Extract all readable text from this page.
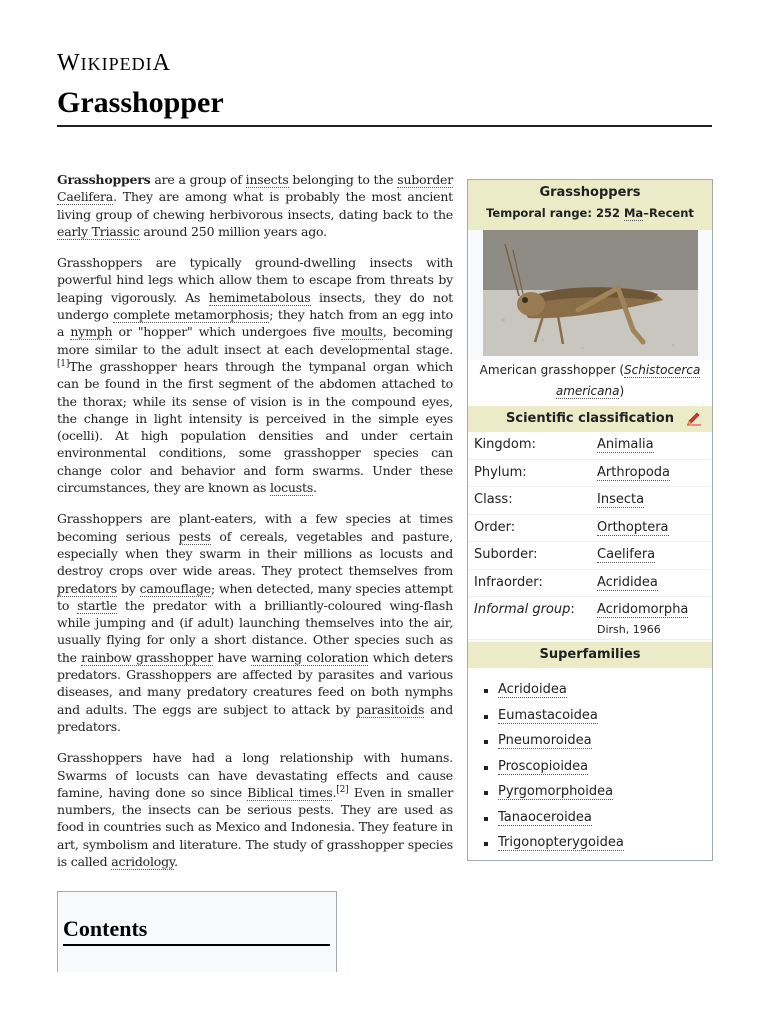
WIKIPEDIA
Grasshopper

Grasshoppers are a group of insects belonging to the suborder Caelifera. They are among what is probably the most ancient living group of chewing herbivorous insects, dating back to the early Triassic around 250 million years ago.

Grasshoppers are typically ground-dwelling insects with powerful hind legs which allow them to escape from threats by leaping vigorously. As hemimetabolous insects, they do not undergo complete metamorphosis; they hatch from an egg into a nymph or "hopper" which undergoes five moults, becoming more similar to the adult insect at each developmental stage.[1]The grasshopper hears through the tympanal organ which can be found in the first segment of the abdomen attached to the thorax; while its sense of vision is in the compound eyes, the change in light intensity is perceived in the simple eyes (ocelli). At high population densities and under certain environmental conditions, some grasshopper species can change color and behavior and form swarms. Under these circumstances, they are known as locusts.

Grasshoppers are plant-eaters, with a few species at times becoming serious pests of cereals, vegetables and pasture, especially when they swarm in their millions as locusts and destroy crops over wide areas. They protect themselves from predators by camouflage; when detected, many species attempt to startle the predator with a brilliantly-coloured wing-flash while jumping and (if adult) launching themselves into the air, usually flying for only a short distance. Other species such as the rainbow grasshopper have warning coloration which deters predators. Grasshoppers are affected by parasites and various diseases, and many predatory creatures feed on both nymphs and adults. The eggs are subject to attack by parasitoids and predators.

Grasshoppers have had a long relationship with humans. Swarms of locusts can have devastating effects and cause famine, having done so since Biblical times.[2] Even in smaller numbers, the insects can be serious pests. They are used as food in countries such as Mexico and Indonesia. They feature in art, symbolism and literature. The study of grasshopper species is called acridology.

Contents
Grasshoppers
Temporal range: 252 Ma–Recent
American grasshopper (Schistocerca americana)
Scientific classification
Kingdom:	Animalia
Phylum:	Arthropoda
Class:	Insecta
Order:	Orthoptera
Suborder:	Caelifera
Infraorder:	Acrididea
Informal group: Acridomorpha
Dirsh, 1966
Superfamilies
Acridoidea
Eumastacoidea
Pneumoroidea
Proscopioidea
Pyrgomorphoidea
Tanaoceroidea
Trigonopterygoidea
